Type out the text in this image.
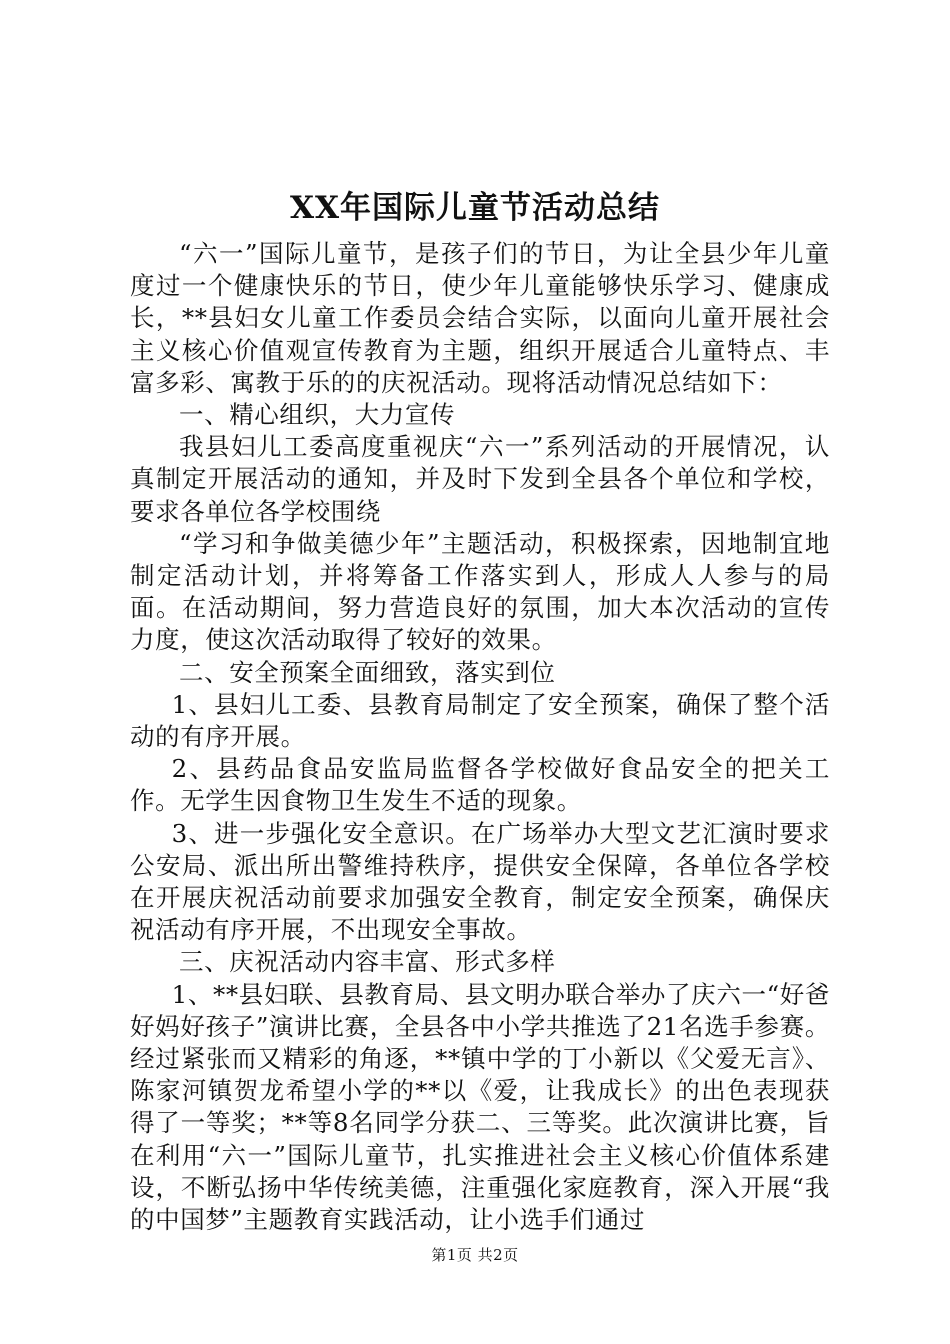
XX年国际儿童节活动总结

“六一”国际儿童节，是孩子们的节日，为让全县少年儿童度过一个健康快乐的节日，使少年儿童能够快乐学习、健康成长，**县妇女儿童工作委员会结合实际，以面向儿童开展社会主义核心价值观宣传教育为主题，组织开展适合儿童特点、丰富多彩、寓教于乐的的庆祝活动。现将活动情况总结如下：

一、精心组织，大力宣传

我县妇儿工委高度重视庆“六一”系列活动的开展情况，认真制定开展活动的通知，并及时下发到全县各个单位和学校，要求各单位各学校围绕

“学习和争做美德少年”主题活动，积极探索，因地制宜地制定活动计划，并将筹备工作落实到人，形成人人参与的局面。在活动期间，努力营造良好的氛围，加大本次活动的宣传力度，使这次活动取得了较好的效果。

二、安全预案全面细致，落实到位

1、县妇儿工委、县教育局制定了安全预案，确保了整个活动的有序开展。

2、县药品食品安监局监督各学校做好食品安全的把关工作。无学生因食物卫生发生不适的现象。

3、进一步强化安全意识。在广场举办大型文艺汇演时要求公安局、派出所出警维持秩序，提供安全保障，各单位各学校在开展庆祝活动前要求加强安全教育，制定安全预案，确保庆祝活动有序开展，不出现安全事故。

三、庆祝活动内容丰富、形式多样

1、**县妇联、县教育局、县文明办联合举办了庆六一“好爸好妈好孩子”演讲比赛，全县各中小学共推选了21名选手参赛。经过紧张而又精彩的角逐，**镇中学的丁小新以《父爱无言》、陈家河镇贺龙希望小学的**以《爱，让我成长》的出色表现获得了一等奖；**等8名同学分获二、三等奖。此次演讲比赛，旨在利用“六一”国际儿童节，扎实推进社会主义核心价值体系建设，不断弘扬中华传统美德，注重强化家庭教育，深入开展“我的中国梦”主题教育实践活动，让小选手们通过

第1页 共2页
